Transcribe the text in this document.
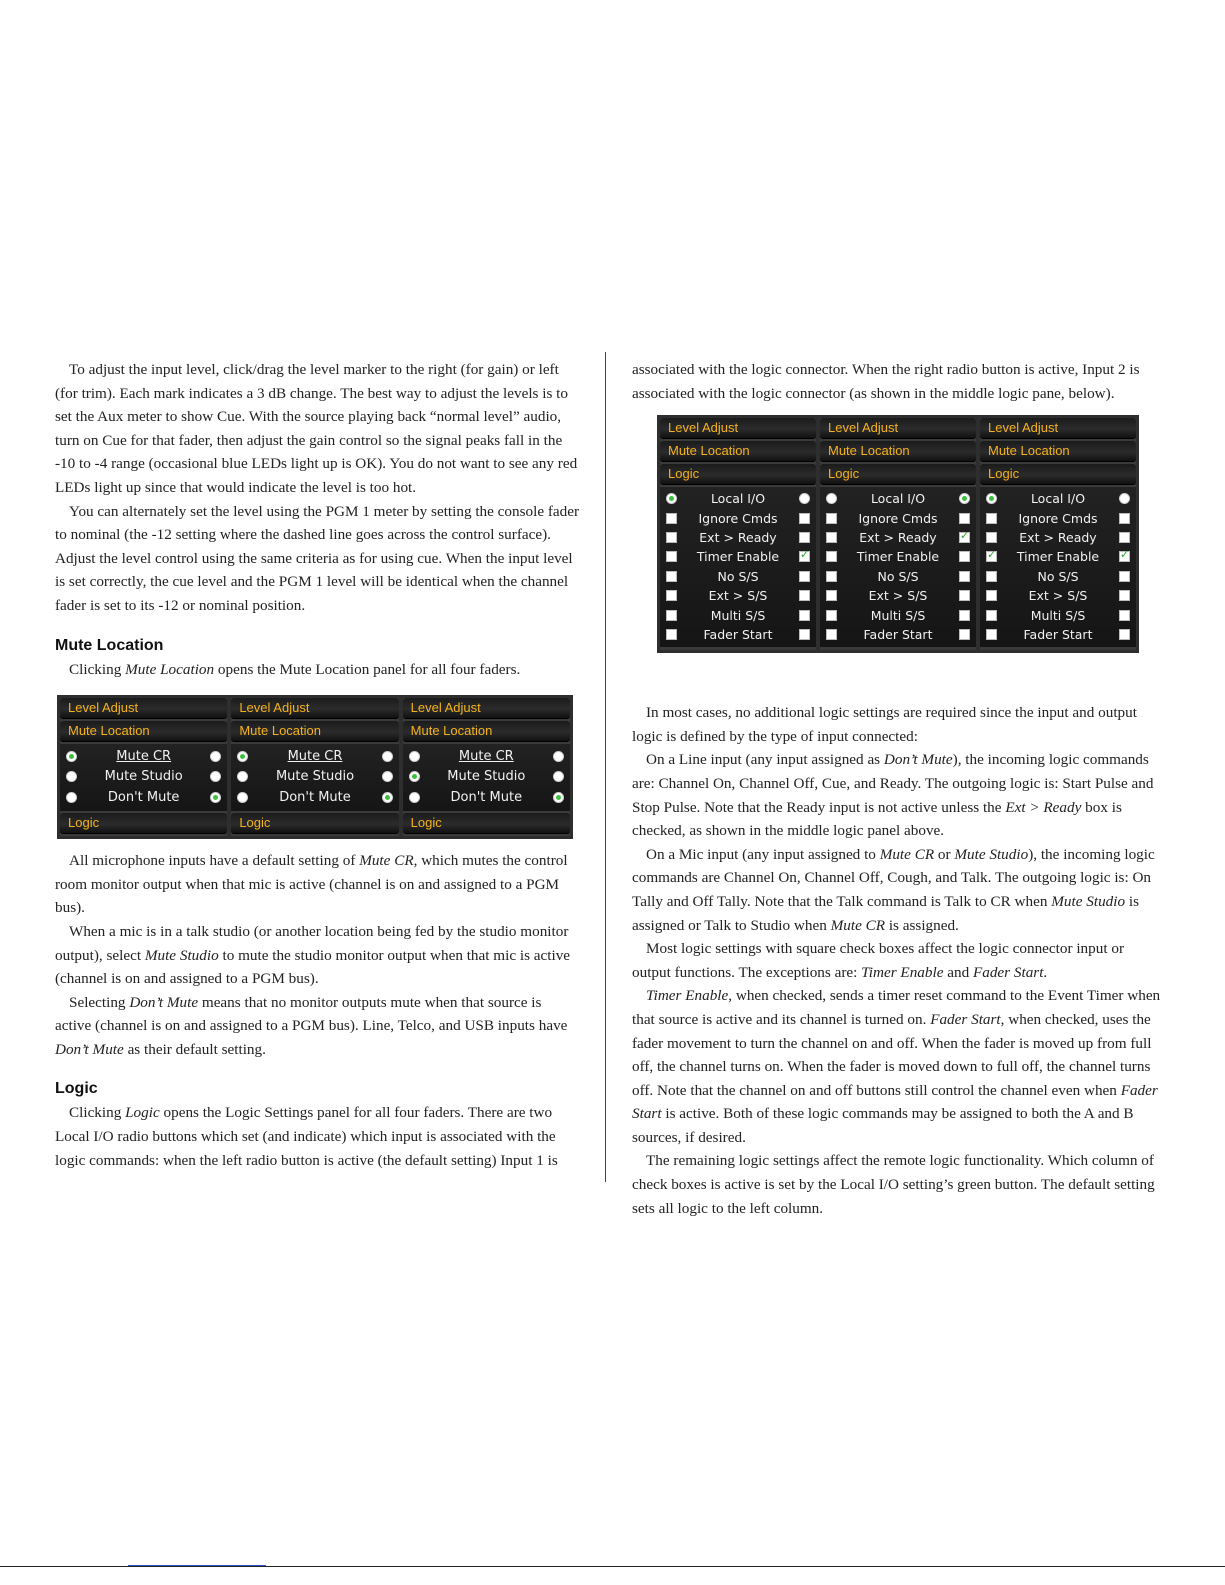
To adjust the input level, click/drag the level marker to the right (for gain) or left (for trim). Each mark indicates a 3 dB change. The best way to adjust the levels is to set the Aux meter to show Cue. With the source playing back “normal level” audio, turn on Cue for that fader, then adjust the gain control so the signal peaks fall in the -10 to -4 range (occasional blue LEDs light up is OK). You do not want to see any red LEDs light up since that would indicate the level is too hot.

You can alternately set the level using the PGM 1 meter by setting the console fader to nominal (the -12 setting where the dashed line goes across the control surface). Adjust the level control using the same criteria as for using cue. When the input level is set correctly, the cue level and the PGM 1 level will be identical when the channel fader is set to its -12 or nominal position.

Mute Location

Clicking Mute Location opens the Mute Location panel for all four faders.

Level Adjust
Mute Location
Mute CR
Mute Studio
Don't Mute
Logic
Level Adjust
Mute Location
Mute CR
Mute Studio
Don't Mute
Logic
Level Adjust
Mute Location
Mute CR
Mute Studio
Don't Mute
Logic

All microphone inputs have a default setting of Mute CR, which mutes the control room monitor output when that mic is active (channel is on and assigned to a PGM bus).

When a mic is in a talk studio (or another location being fed by the studio monitor output), select Mute Studio to mute the studio monitor output when that mic is active (channel is on and assigned to a PGM bus).

Selecting Don’t Mute means that no monitor outputs mute when that source is active (channel is on and assigned to a PGM bus). Line, Telco, and USB inputs have Don’t Mute as their default setting.

Logic

Clicking Logic opens the Logic Settings panel for all four faders. There are two Local I/O radio buttons which set (and indicate) which input is associated with the logic commands: when the left radio button is active (the default setting) Input 1 is

Level Adjust
Mute Location
Logic
Local I/O
Ignore Cmds
Ext > Ready
Timer Enable
✓
No S/S
Ext > S/S
Multi S/S
Fader Start
Level Adjust
Mute Location
Logic
Local I/O
Ignore Cmds
Ext > Ready
✓
Timer Enable
No S/S
Ext > S/S
Multi S/S
Fader Start
Level Adjust
Mute Location
Logic
Local I/O
Ignore Cmds
Ext > Ready
✓
Timer Enable
✓
No S/S
Ext > S/S
Multi S/S
Fader Start

associated with the logic connector. When the right radio button is active, Input 2 is associated with the logic connector (as shown in the middle logic pane, below).

In most cases, no additional logic settings are required since the input and output logic is defined by the type of input connected:

On a Line input (any input assigned as Don’t Mute), the incoming logic commands are: Channel On, Channel Off, Cue, and Ready. The outgoing logic is: Start Pulse and Stop Pulse. Note that the Ready input is not active unless the Ext > Ready box is checked, as shown in the middle logic panel above.

On a Mic input (any input assigned to Mute CR or Mute Studio), the incoming logic commands are Channel On, Channel Off, Cough, and Talk. The outgoing logic is: On Tally and Off Tally. Note that the Talk command is Talk to CR when Mute Studio is assigned or Talk to Studio when Mute CR is assigned.

Most logic settings with square check boxes affect the logic connector input or output functions. The exceptions are: Timer Enable and Fader Start.

Timer Enable, when checked, sends a timer reset command to the Event Timer when that source is active and its channel is turned on. Fader Start, when checked, uses the fader movement to turn the channel on and off. When the fader is moved up from full off, the channel turns on. When the fader is moved down to full off, the channel turns off. Note that the channel on and off buttons still control the channel even when Fader Start is active. Both of these logic commands may be assigned to both the A and B sources, if desired.

The remaining logic settings affect the remote logic functionality. Which column of check boxes is active is set by the Local I/O setting’s green button. The default setting sets all logic to the left column.
